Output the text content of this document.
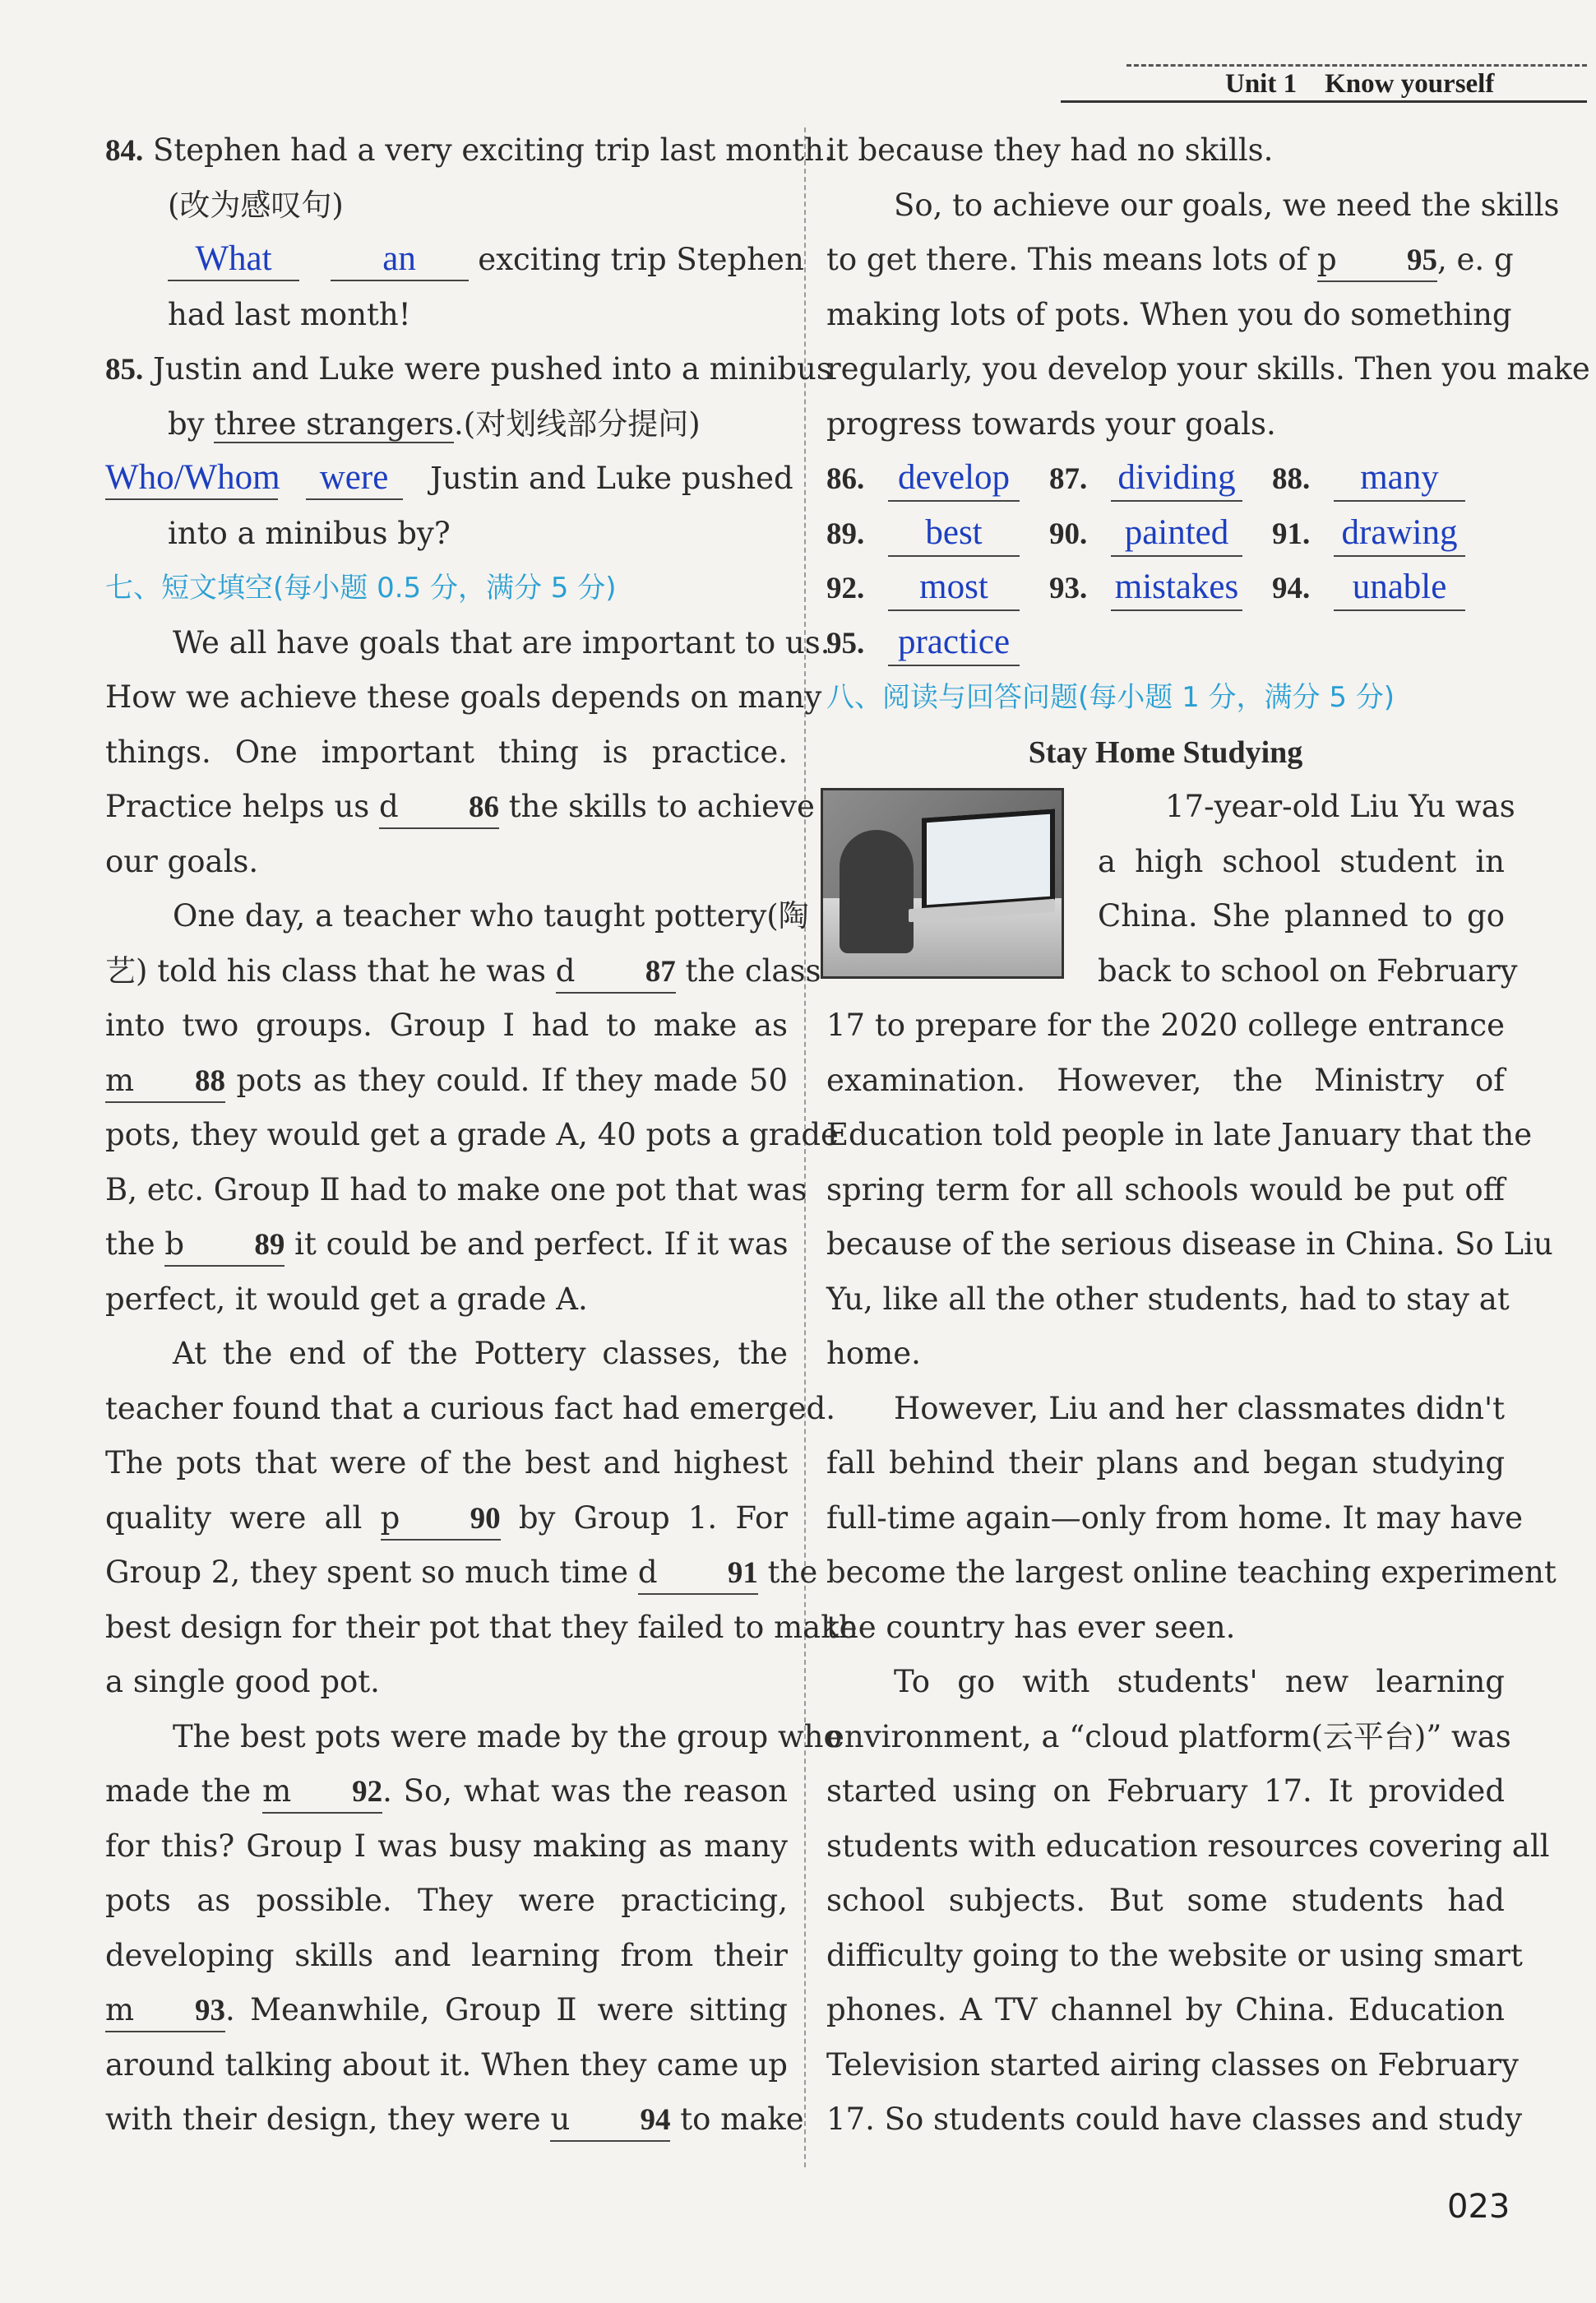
Unit 1 Know yourself
84. Stephen had a very exciting trip last month.
(改为感叹句)
What	an exciting trip Stephen
had last month!
85. Justin and Luke were pushed into a minibus
by three strangers.(对划线部分提问)
Who/Whom were Justin and Luke pushed
into a minibus by?
七、短文填空(每小题 0.5 分，满分 5 分)
We all have goals that are important to us.
How we achieve these goals depends on many
things. One important thing is practice.
Practice helps us d 86 the skills to achieve
our goals.
One day, a teacher who taught pottery(陶
艺) told his class that he was d 87 the class
into two groups. Group I had to make as
m 88 pots as they could. If they made 50
pots, they would get a grade A, 40 pots a grade
B, etc. Group Ⅱ had to make one pot that was
the b 89 it could be and perfect. If it was
perfect, it would get a grade A.
At the end of the Pottery classes, the
teacher found that a curious fact had emerged.
The pots that were of the best and highest
quality were all p 90 by Group 1. For
Group 2, they spent so much time d 91 the
best design for their pot that they failed to make
a single good pot.
The best pots were made by the group who
made the m 92. So, what was the reason
for this? Group I was busy making as many
pots as possible. They were practicing,
developing skills and learning from their
m 93. Meanwhile, Group Ⅱ were sitting
around talking about it. When they came up
with their design, they were u 94 to make
it because they had no skills.
So, to achieve our goals, we need the skills
to get there. This means lots of p 95, e. g
making lots of pots. When you do something
regularly, you develop your skills. Then you make
progress towards your goals.
86. develop 87. dividing 88. many
89. best 90. painted 91. drawing
92. most 93. mistakes 94. unable
95. practice
八、阅读与回答问题(每小题 1 分，满分 5 分)
Stay Home Studying
17-year-old Liu Yu was
a high school student in
China. She planned to go
back to school on February
17 to prepare for the 2020 college entrance
examination. However, the Ministry of
Education told people in late January that the
spring term for all schools would be put off
because of the serious disease in China. So Liu
Yu, like all the other students, had to stay at
home.
However, Liu and her classmates didn't
fall behind their plans and began studying
full-time again—only from home. It may have
become the largest online teaching experiment
the country has ever seen.
To go with students' new learning
environment, a “cloud platform(云平台)” was
started using on February 17. It provided
students with education resources covering all
school subjects. But some students had
difficulty going to the website or using smart
phones. A TV channel by China. Education
Television started airing classes on February
17. So students could have classes and study
023
